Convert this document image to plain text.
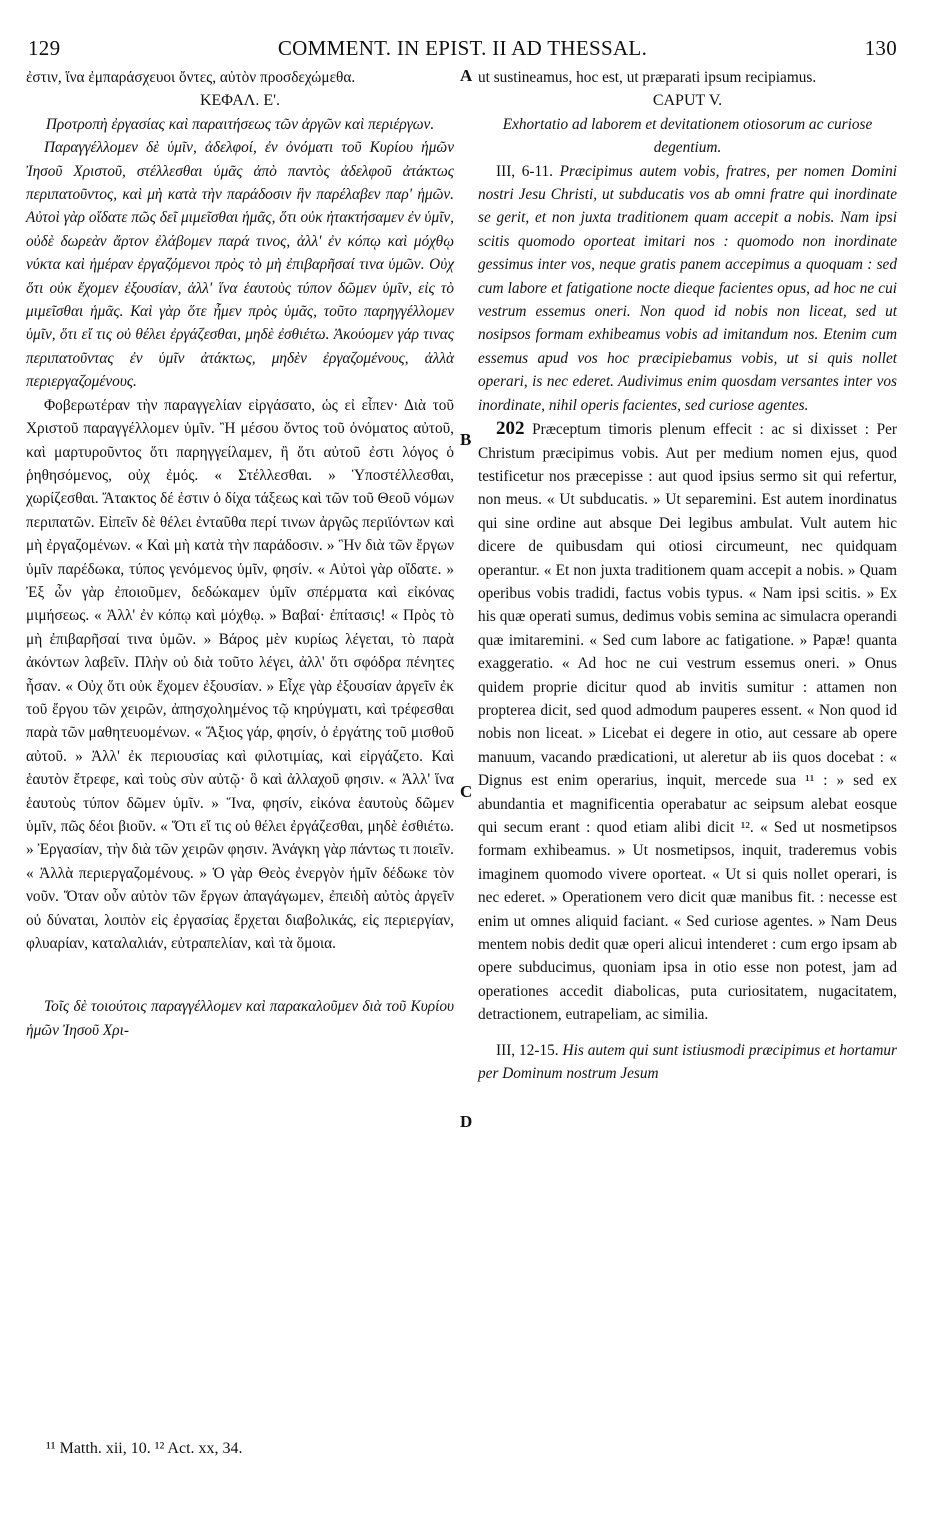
129	COMMENT. IN EPIST. II AD THESSAL.	130

ἐστιν, ἵνα ἐμπαράσχευοι ὄντες, αὐτὸν προσδεχώμεθα.

ΚΕΦΑΛ. Ε'.

Προτροπὴ ἐργασίας καὶ παραιτήσεως τῶν ἀργῶν καὶ περιέργων.

Παραγγέλλομεν δὲ ὑμῖν, ἀδελφοί, ἐν ὀνόματι τοῦ Κυρίου ἡμῶν Ἰησοῦ Χριστοῦ, στέλλεσθαι ὑμᾶς ἀπὸ παντὸς ἀδελφοῦ ἀτάκτως περιπατοῦντος, καὶ μὴ κατὰ τὴν παράδοσιν ἣν παρέλαβεν παρ' ἡμῶν. Αὐτοὶ γὰρ οἴδατε πῶς δεῖ μιμεῖσθαι ἡμᾶς, ὅτι οὐκ ἠτακτήσαμεν ἐν ὑμῖν, οὐδὲ δωρεὰν ἄρτον ἐλάβομεν παρά τινος, ἀλλ' ἐν κόπῳ καὶ μόχθῳ νύκτα καὶ ἡμέραν ἐργαζόμενοι πρὸς τὸ μὴ ἐπιβαρῆσαί τινα ὑμῶν. Οὐχ ὅτι οὐκ ἔχομεν ἐξουσίαν, ἀλλ' ἵνα ἑαυτοὺς τύπον δῶμεν ὑμῖν, εἰς τὸ μιμεῖσθαι ἡμᾶς. Καὶ γὰρ ὅτε ἦμεν πρὸς ὑμᾶς, τοῦτο παρηγγέλλομεν ὑμῖν, ὅτι εἴ τις οὐ θέλει ἐργάζεσθαι, μηδὲ ἐσθιέτω. Ἀκούομεν γάρ τινας περιπατοῦντας ἐν ὑμῖν ἀτάκτως, μηδὲν ἐργαζομένους, ἀλλὰ περιεργαζομένους.

Φοβερωτέραν τὴν παραγγελίαν εἰργάσατο, ὡς εἰ εἶπεν· Διὰ τοῦ Χριστοῦ παραγγέλλομεν ὑμῖν. Ἢ μέσου ὄντος τοῦ ὀνόματος αὐτοῦ, καὶ μαρτυροῦντος ὅτι παρηγγείλαμεν, ἢ ὅτι αὐτοῦ ἐστι λόγος ὁ ῥηθησόμενος, οὐχ ἐμός. « Στέλλεσθαι. » Ὑποστέλλεσθαι, χωρίζεσθαι. Ἄτακτος δέ ἐστιν ὁ δίχα τάξεως καὶ τῶν τοῦ Θεοῦ νόμων περιπατῶν. Εἰπεῖν δὲ θέλει ἐνταῦθα περί τινων ἀργῶς περιϊόντων καὶ μὴ ἐργαζομένων. « Καὶ μὴ κατὰ τὴν παράδοσιν. » Ἣν διὰ τῶν ἔργων ὑμῖν παρέδωκα, τύπος γενόμενος ὑμῖν, φησίν. « Αὐτοὶ γὰρ οἴδατε. » Ἐξ ὧν γὰρ ἐποιοῦμεν, δεδώκαμεν ὑμῖν σπέρματα καὶ εἰκόνας μιμήσεως. « Ἀλλ' ἐν κόπῳ καὶ μόχθῳ. » Βαβαί· ἐπίτασις! « Πρὸς τὸ μὴ ἐπιβαρῆσαί τινα ὑμῶν. » Βάρος μὲν κυρίως λέγεται, τὸ παρὰ ἀκόντων λαβεῖν. Πλὴν οὐ διὰ τοῦτο λέγει, ἀλλ' ὅτι σφόδρα πένητες ἦσαν. « Οὐχ ὅτι οὐκ ἔχομεν ἐξουσίαν. » Εἶχε γὰρ ἐξουσίαν ἀργεῖν ἐκ τοῦ ἔργου τῶν χειρῶν, ἀπησχολημένος τῷ κηρύγματι, καὶ τρέφεσθαι παρὰ τῶν μαθητευομένων. « Ἄξιος γάρ, φησίν, ὁ ἐργάτης τοῦ μισθοῦ αὐτοῦ. » Ἀλλ' ἐκ περιουσίας καὶ φιλοτιμίας, καὶ εἰργάζετο. Καὶ ἑαυτὸν ἔτρεφε, καὶ τοὺς σὺν αὐτῷ· ὃ καὶ ἀλλαχοῦ φησιν. « Ἀλλ' ἵνα ἑαυτοὺς τύπον δῶμεν ὑμῖν. » Ἵνα, φησίν, εἰκόνα ἑαυτοὺς δῶμεν ὑμῖν, πῶς δέοι βιοῦν. « Ὅτι εἴ τις οὐ θέλει ἐργάζεσθαι, μηδὲ ἐσθιέτω. » Ἐργασίαν, τὴν διὰ τῶν χειρῶν φησιν. Ἀνάγκη γὰρ πάντως τι ποιεῖν. « Ἀλλὰ περιεργαζομένους. » Ὁ γὰρ Θεὸς ἐνεργὸν ἡμῖν δέδωκε τὸν νοῦν. Ὅταν οὖν αὐτὸν τῶν ἔργων ἀπαγάγωμεν, ἐπειδὴ αὐτὸς ἀργεῖν οὐ δύναται, λοιπὸν εἰς ἐργασίας ἔρχεται διαβολικάς, εἰς περιεργίαν, φλυαρίαν, καταλαλιάν, εὐτραπελίαν, καὶ τὰ ὅμοια.

Τοῖς δὲ τοιούτοις παραγγέλλομεν καὶ παρακαλοῦμεν διὰ τοῦ Κυρίου ἡμῶν Ἰησοῦ Χρι-

ut sustineamus, hoc est, ut præparati ipsum recipiamus.

CAPUT V.

Exhortatio ad laborem et devitationem otiosorum ac curiose degentium.

III, 6-11. Præcipimus autem vobis, fratres, per nomen Domini nostri Jesu Christi, ut subducatis vos ab omni fratre qui inordinate se gerit, et non juxta traditionem quam accepit a nobis. Nam ipsi scitis quomodo oporteat imitari nos : quomodo non inordinate gessimus inter vos, neque gratis panem accepimus a quoquam : sed cum labore et fatigatione nocte dieque facientes opus, ad hoc ne cui vestrum essemus oneri. Non quod id nobis non liceat, sed ut nosipsos formam exhibeamus vobis ad imitandum nos. Etenim cum essemus apud vos hoc præcipiebamus vobis, ut si quis nollet operari, is nec ederet. Audivimus enim quosdam versantes inter vos inordinate, nihil operis facientes, sed curiose agentes.

202 Præceptum timoris plenum effecit : ac si dixisset : Per Christum præcipimus vobis. Aut per medium nomen ejus, quod testificetur nos præcepisse : aut quod ipsius sermo sit qui refertur, non meus. « Ut subducatis. » Ut separemini. Est autem inordinatus qui sine ordine aut absque Dei legibus ambulat. Vult autem hic dicere de quibusdam qui otiosi circumeunt, nec quidquam operantur. « Et non juxta traditionem quam accepit a nobis. » Quam operibus vobis tradidi, factus vobis typus. « Nam ipsi scitis. » Ex his quæ operati sumus, dedimus vobis semina ac simulacra operandi quæ imitaremini. « Sed cum labore ac fatigatione. » Papæ! quanta exaggeratio. « Ad hoc ne cui vestrum essemus oneri. » Onus quidem proprie dicitur quod ab invitis sumitur : attamen non propterea dicit, sed quod admodum pauperes essent. « Non quod id nobis non liceat. » Licebat ei degere in otio, aut cessare ab opere manuum, vacando prædicationi, ut aleretur ab iis quos docebat : « Dignus est enim operarius, inquit, mercede sua ¹¹ : » sed ex abundantia et magnificentia operabatur ac seipsum alebat eosque qui secum erant : quod etiam alibi dicit ¹². « Sed ut nosmetipsos formam exhibeamus. » Ut nosmetipsos, inquit, traderemus vobis imaginem quomodo vivere oporteat. « Ut si quis nollet operari, is nec ederet. » Operationem vero dicit quæ manibus fit. : necesse est enim ut omnes aliquid faciant. « Sed curiose agentes. » Nam Deus mentem nobis dedit quæ operi alicui intenderet : cum ergo ipsam ab opere subducimus, quoniam ipsa in otio esse non potest, jam ad operationes accedit diabolicas, puta curiositatem, nugacitatem, detractionem, eutrapeliam, ac similia.

III, 12-15. His autem qui sunt istiusmodi præcipimus et hortamur per Dominum nostrum Jesum

A
B
C
D
¹¹ Matth. xii, 10. ¹² Act. xx, 34.
